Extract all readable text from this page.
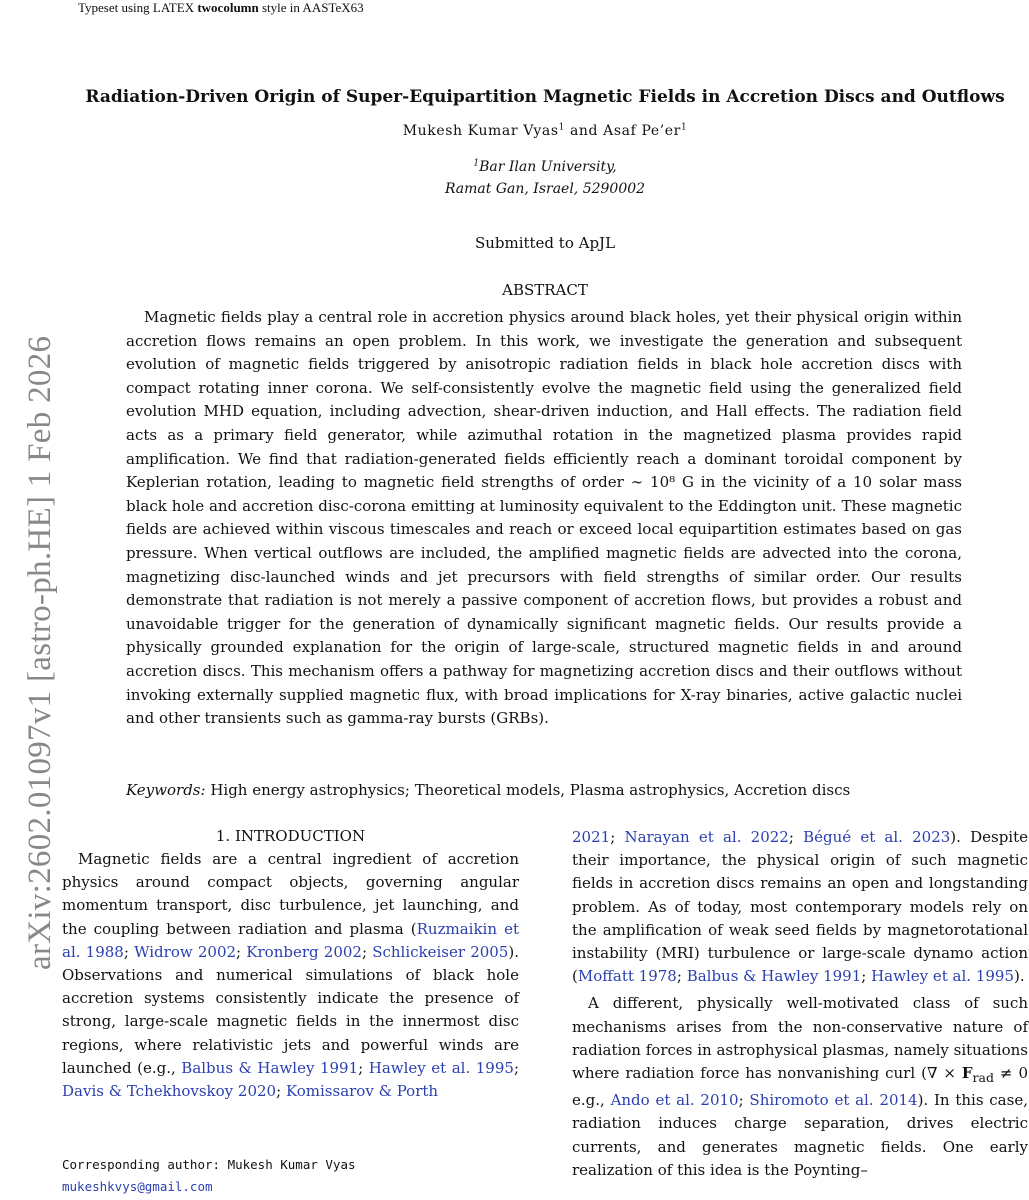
Typeset using LATEX twocolumn style in AASTeX63
arXiv:2602.01097v1 [astro-ph.HE] 1 Feb 2026
Radiation-Driven Origin of Super-Equipartition Magnetic Fields in Accretion Discs and Outflows
Mukesh Kumar Vyas$^1$ and Asaf $Pe’er^1$
$^1$Bar Ilan University,
Ramat Gan, Israel, 5290002
Submitted to ApJL
ABSTRACT
Magnetic fields play a central role in accretion physics around black holes, yet their physical origin within accretion flows remains an open problem. In this work, we investigate the generation and subsequent evolution of magnetic fields triggered by anisotropic radiation fields in black hole accretion discs with compact rotating inner corona. We self-consistently evolve the magnetic field using the generalized field evolution MHD equation, including advection, shear-driven induction, and Hall effects. The radiation field acts as a primary field generator, while azimuthal rotation in the magnetized plasma provides rapid amplification. We find that radiation-generated fields efficiently reach a dominant toroidal component by Keplerian rotation, leading to magnetic field strengths of order ∼ 10⁸ G in the vicinity of a 10 solar mass black hole and accretion disc-corona emitting at luminosity equivalent to the Eddington unit. These magnetic fields are achieved within viscous timescales and reach or exceed local equipartition estimates based on gas pressure. When vertical outflows are included, the amplified magnetic fields are advected into the corona, magnetizing disc-launched winds and jet precursors with field strengths of similar order. Our results demonstrate that radiation is not merely a passive component of accretion flows, but provides a robust and unavoidable trigger for the generation of dynamically significant magnetic fields. Our results provide a physically grounded explanation for the origin of large-scale, structured magnetic fields in and around accretion discs. This mechanism offers a pathway for magnetizing accretion discs and their outflows without invoking externally supplied magnetic flux, with broad implications for X-ray binaries, active galactic nuclei and other transients such as gamma-ray bursts (GRBs).
Keywords: High energy astrophysics; Theoretical models, Plasma astrophysics, Accretion discs
1. INTRODUCTION

Magnetic fields are a central ingredient of accretion physics around compact objects, governing angular momentum transport, disc turbulence, jet launching, and the coupling between radiation and plasma (Ruzmaikin et al. 1988; Widrow 2002; Kronberg 2002; Schlickeiser 2005). Observations and numerical simulations of black hole accretion systems consistently indicate the presence of strong, large-scale magnetic fields in the innermost disc regions, where relativistic jets and powerful winds are launched (e.g., Balbus & Hawley 1991; Hawley et al. 1995; Davis & Tchekhovskoy 2020; Komissarov & Porth

2021; Narayan et al. 2022; Bégué et al. 2023). Despite their importance, the physical origin of such magnetic fields in accretion discs remains an open and longstanding problem. As of today, most contemporary models rely on the amplification of weak seed fields by magnetorotational instability (MRI) turbulence or large-scale dynamo action (Moffatt 1978; Balbus & Hawley 1991; Hawley et al. 1995).

A different, physically well-motivated class of such mechanisms arises from the non-conservative nature of radiation forces in astrophysical plasmas, namely situations where radiation force has nonvanishing curl (∇ × $F_{rad} \ne 0$ e.g., Ando et al. 2010; Shiromoto et al. 2014). In this case, radiation induces charge separation, drives electric currents, and generates magnetic fields. One early realization of this idea is the Poynting–

Corresponding author: Mukesh Kumar Vyas
mukeshkvys@gmail.com
